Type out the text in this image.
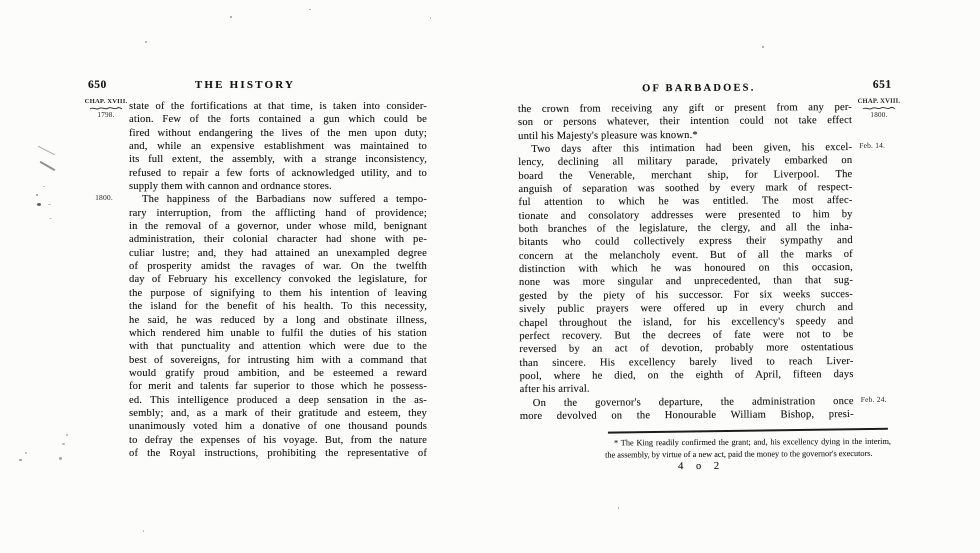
650	THE HISTORY
CHAP. XVIII.
1798.
1800.
state of the fortifications at that time, is taken into consider-
ation. Few of the forts contained a gun which could be
fired without endangering the lives of the men upon duty;
and, while an expensive establishment was maintained to
its full extent, the assembly, with a strange inconsistency,
refused to repair a few forts of acknowledged utility, and to
supply them with cannon and ordnance stores.
The happiness of the Barbadians now suffered a tempo-
rary interruption, from the afflicting hand of providence;
in the removal of a governor, under whose mild, benignant
administration, their colonial character had shone with pe-
culiar lustre; and, they had attained an unexampled degree
of prosperity amidst the ravages of war. On the twelfth
day of February his excellency convoked the legislature, for
the purpose of signifying to them his intention of leaving
the island for the benefit of his health. To this necessity,
he said, he was reduced by a long and obstinate illness,
which rendered him unable to fulfil the duties of his station
with that punctuality and attention which were due to the
best of sovereigns, for intrusting him with a command that
would gratify proud ambition, and be esteemed a reward
for merit and talents far superior to those which he possess-
ed. This intelligence produced a deep sensation in the as-
sembly; and, as a mark of their gratitude and esteem, they
unanimously voted him a donative of one thousand pounds
to defray the expenses of his voyage. But, from the nature
of the Royal instructions, prohibiting the representative of
651
OF BARBADOES.
CHAP. XVIII.
1800.
Feb. 14.
Feb. 24.
the crown from receiving any gift or present from any per-
son or persons whatever, their intention could not take effect
until his Majesty's pleasure was known.*
Two days after this intimation had been given, his excel-
lency, declining all military parade, privately embarked on
board the Venerable, merchant ship, for Liverpool. The
anguish of separation was soothed by every mark of respect-
ful attention to which he was entitled. The most affec-
tionate and consolatory addresses were presented to him by
both branches of the legislature, the clergy, and all the inha-
bitants who could collectively express their sympathy and
concern at the melancholy event. But of all the marks of
distinction with which he was honoured on this occasion,
none was more singular and unprecedented, than that sug-
gested by the piety of his successor. For six weeks succes-
sively public prayers were offered up in every church and
chapel throughout the island, for his excellency's speedy and
perfect recovery. But the decrees of fate were not to be
reversed by an act of devotion, probably more ostentatious
than sincere. His excellency barely lived to reach Liver-
pool, where he died, on the eighth of April, fifteen days
after his arrival.
On the governor's departure, the administration once
more devolved on the Honourable William Bishop, presi-
* The King readily confirmed the grant; and, his excellency dying in the interim,
the assembly, by virtue of a new act, paid the money to the governor's executors.
4 o 2
